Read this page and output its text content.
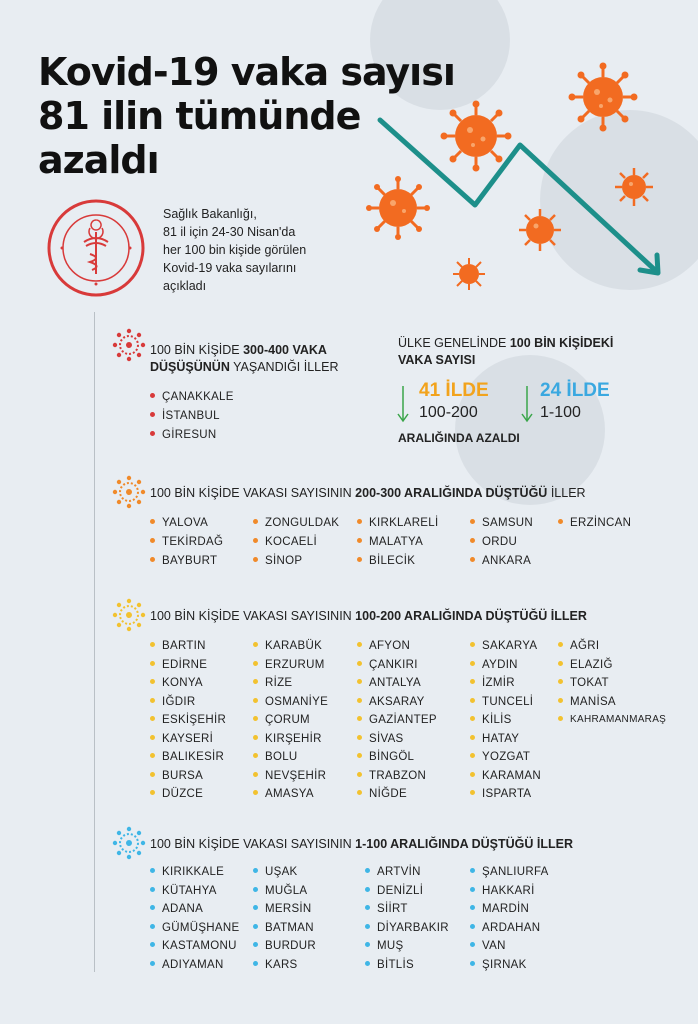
Kovid-19 vaka sayısı
81 ilin tümünde
azaldı
Sağlık Bakanlığı,
81 il için 24-30 Nisan'da
her 100 bin kişide görülen
Kovid-19 vaka sayılarını
açıkladı
100 BİN KİŞİDE 300-400 VAKA
DÜŞÜŞÜNÜN YAŞANDIĞI İLLER
100 BİN KİŞİDE VAKASI SAYISININ 200-300 ARALIĞINDA DÜŞTÜĞÜ İLLER
100 BİN KİŞİDE VAKASI SAYISININ 100-200 ARALIĞINDA DÜŞTÜĞÜ İLLER
100 BİN KİŞİDE VAKASI SAYISININ 1-100 ARALIĞINDA DÜŞTÜĞÜ İLLER
ÇANAKKALE
İSTANBUL
GİRESUN
YALOVA
TEKİRDAĞ
BAYBURT
ZONGULDAK
KOCAELİ
SİNOP
KIRKLARELİ
MALATYA
BİLECİK
SAMSUN
ORDU
ANKARA
ERZİNCAN
BARTIN
EDİRNE
KONYA
IĞDIR
ESKİŞEHİR
KAYSERİ
BALIKESİR
BURSA
DÜZCE
KARABÜK
ERZURUM
RİZE
OSMANİYE
ÇORUM
KIRŞEHİR
BOLU
NEVŞEHİR
AMASYA
AFYON
ÇANKIRI
ANTALYA
AKSARAY
GAZİANTEP
SİVAS
BİNGÖL
TRABZON
NİĞDE
SAKARYA
AYDIN
İZMİR
TUNCELİ
KİLİS
HATAY
YOZGAT
KARAMAN
ISPARTA
AĞRI
ELAZIĞ
TOKAT
MANİSA
KAHRAMANMARAŞ
KIRIKKALE
KÜTAHYA
ADANA
GÜMÜŞHANE
KASTAMONU
ADIYAMAN
UŞAK
MUĞLA
MERSİN
BATMAN
BURDUR
KARS
ARTVİN
DENİZLİ
SİİRT
DİYARBAKIR
MUŞ
BİTLİS
ŞANLIURFA
HAKKARİ
MARDİN
ARDAHAN
VAN
ŞIRNAK
ÜLKE GENELİNDE 100 BİN KİŞİDEKİ
VAKA SAYISI
41 İLDE
100-200
24 İLDE
1-100
ARALIĞINDA AZALDI
